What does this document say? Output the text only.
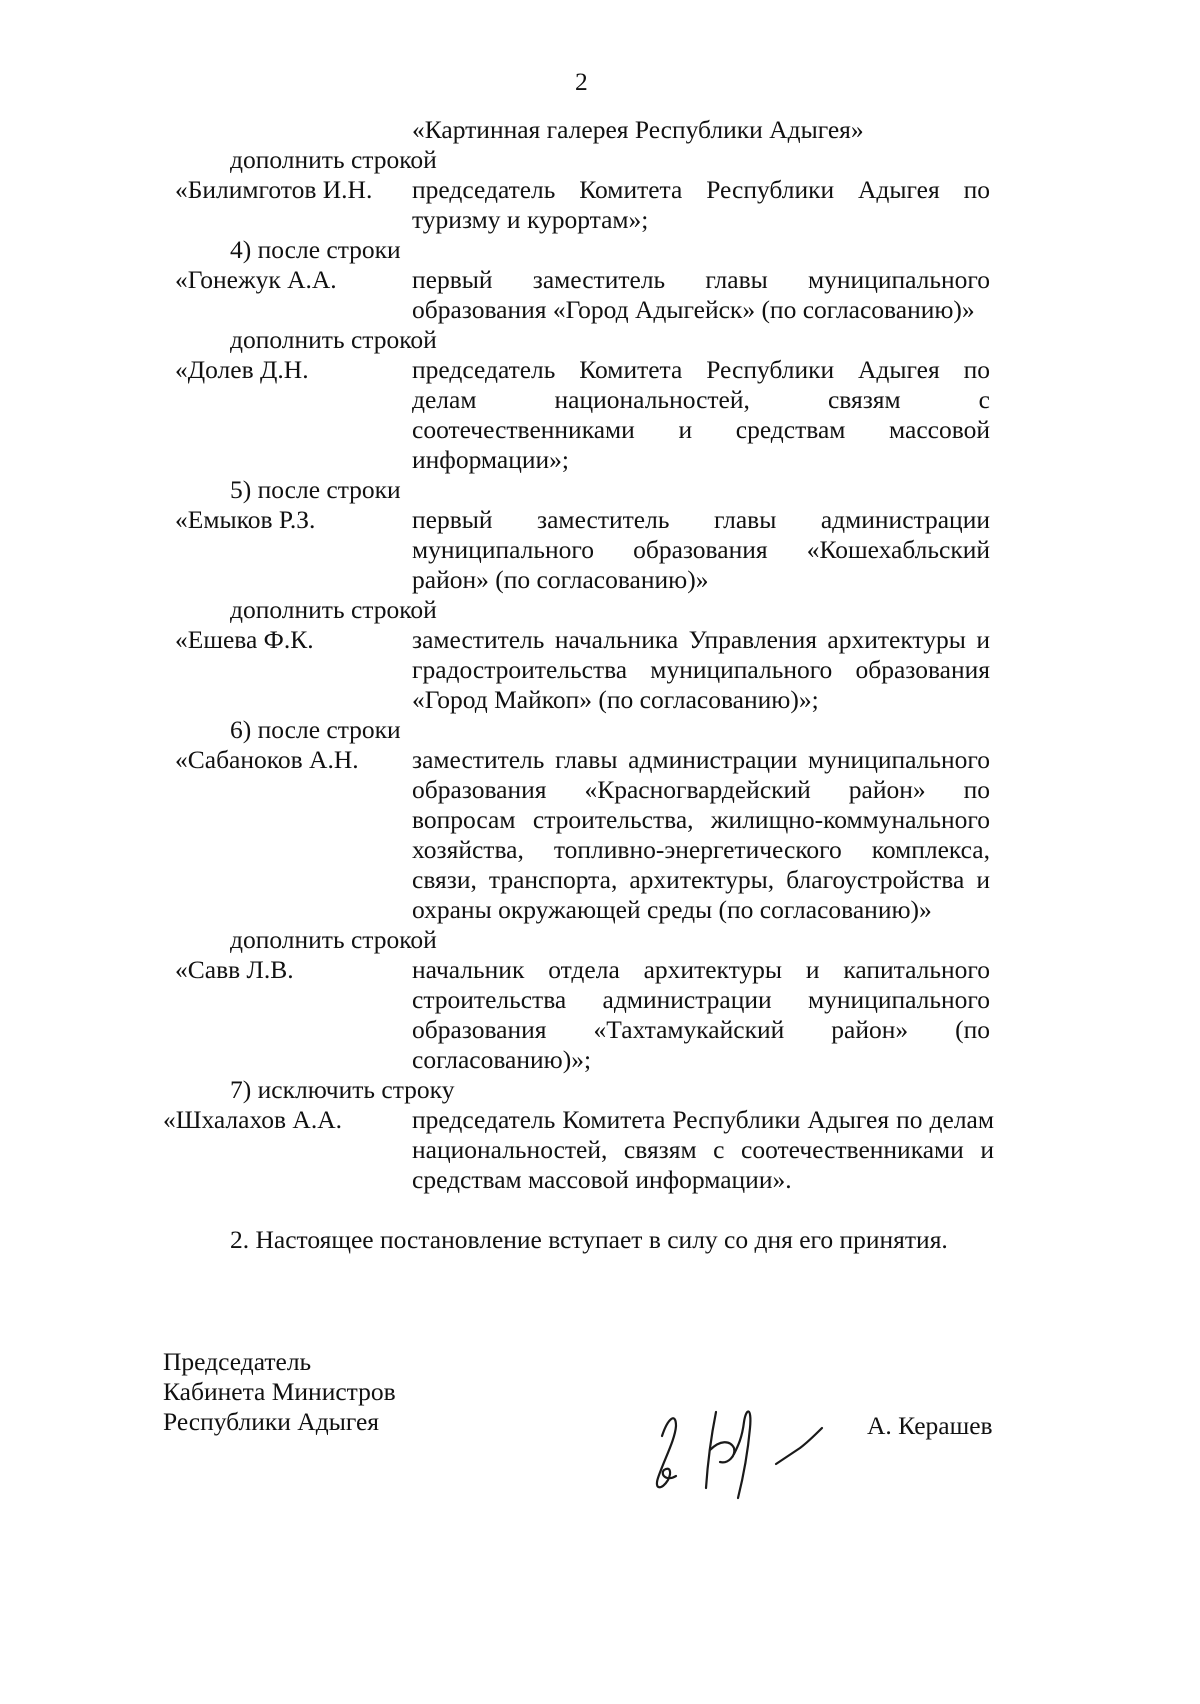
2
«Картинная галерея Республики Адыгея»
дополнить строкой
«Билимготов И.Н. председатель Комитета Республики Адыгея по
туризму и курортам»;
4) после строки
«Гонежук А.А.	первый заместитель главы муниципального
образования «Город Адыгейск» (по согласованию)»
дополнить строкой
«Долев Д.Н.	председатель Комитета Республики Адыгея по
делам национальностей, связям с
соотечественниками и средствам массовой
информации»;
5) после строки
«Емыков Р.З.	первый заместитель главы администрации
муниципального образования «Кошехабльский
район» (по согласованию)»
дополнить строкой
«Ешева Ф.К.	заместитель начальника Управления архитектуры и
градостроительства муниципального образования
«Город Майкоп» (по согласованию)»;
6) после строки
«Сабаноков А.Н. заместитель главы администрации муниципального
образования «Красногвардейский район» по
вопросам строительства, жилищно-коммунального
хозяйства, топливно-энергетического комплекса,
связи, транспорта, архитектуры, благоустройства и
охраны окружающей среды (по согласованию)»
дополнить строкой
«Савв Л.В.	начальник отдела архитектуры и капитального
строительства администрации муниципального
образования «Тахтамукайский район» (по
согласованию)»;
7) исключить строку
«Шхалахов А.А.	председатель Комитета Республики Адыгея по делам
национальностей, связям с соотечественниками и
средствам массовой информации».
2. Настоящее постановление вступает в силу со дня его принятия.
Председатель
Кабинета Министров
Республики Адыгея	А. Керашев
